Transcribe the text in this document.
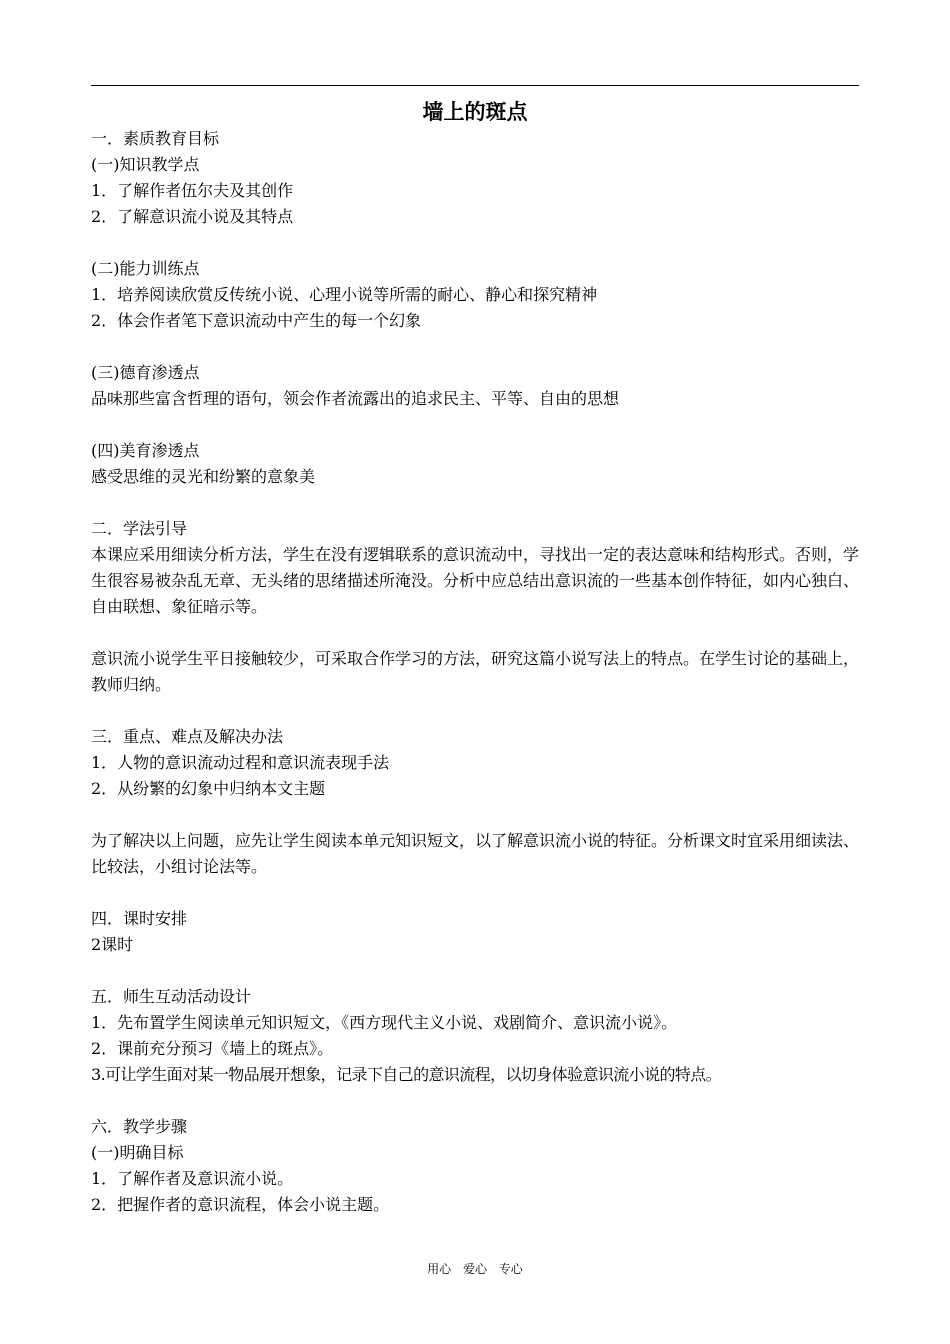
墙上的斑点

一．素质教育目标

(一)知识教学点

1．了解作者伍尔夫及其创作

2．了解意识流小说及其特点

(二)能力训练点

1．培养阅读欣赏反传统小说、心理小说等所需的耐心、静心和探究精神

2．体会作者笔下意识流动中产生的每一个幻象

(三)德育渗透点

品味那些富含哲理的语句，领会作者流露出的追求民主、平等、自由的思想

(四)美育渗透点

感受思维的灵光和纷繁的意象美

二．学法引导

本课应采用细读分析方法，学生在没有逻辑联系的意识流动中，寻找出一定的表达意味和结构形式。否则，学生很容易被杂乱无章、无头绪的思绪描述所淹没。分析中应总结出意识流的一些基本创作特征，如内心独白、自由联想、象征暗示等。

意识流小说学生平日接触较少，可采取合作学习的方法，研究这篇小说写法上的特点。在学生讨论的基础上，教师归纳。

三．重点、难点及解决办法

1．人物的意识流动过程和意识流表现手法

2．从纷繁的幻象中归纳本文主题

为了解决以上问题，应先让学生阅读本单元知识短文，以了解意识流小说的特征。分析课文时宜采用细读法、比较法，小组讨论法等。

四．课时安排

2课时

五．师生互动活动设计

1．先布置学生阅读单元知识短文，《西方现代主义小说、戏剧简介、意识流小说》。

2．课前充分预习《墙上的斑点》。

3.可让学生面对某一物品展开想象，记录下自己的意识流程，以切身体验意识流小说的特点。

六．教学步骤

(一)明确目标

1．了解作者及意识流小说。

2．把握作者的意识流程，体会小说主题。

用心 爱心 专心
